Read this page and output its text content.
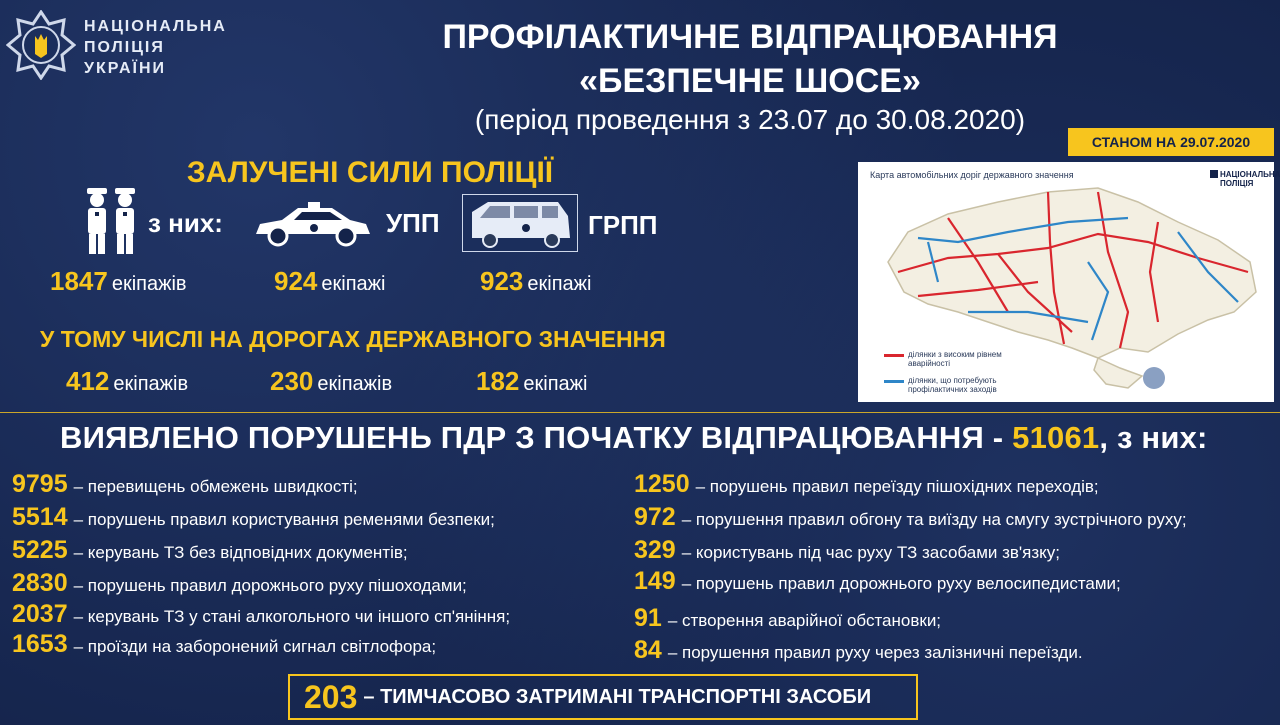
НАЦІОНАЛЬНА
ПОЛІЦІЯ
УКРАЇНИ
ПРОФІЛАКТИЧНЕ ВІДПРАЦЮВАННЯ
«БЕЗПЕЧНЕ ШОСЕ»
(період проведення з 23.07 до 30.08.2020)
СТАНОМ НА 29.07.2020
ЗАЛУЧЕНІ СИЛИ ПОЛІЦІЇ
з них:	УПП	ГРПП
1847 екіпажів	924 екіпажі	923 екіпажі
У ТОМУ ЧИСЛІ НА ДОРОГАХ ДЕРЖАВНОГО ЗНАЧЕННЯ
412 екіпажів	230 екіпажів	182 екіпажі
Карта автомобільних доріг державного значення	НАЦІОНАЛЬНА
ПОЛІЦІЯ
ділянки з високим рівнем аварійності
ділянки, що потребують профілактичних заходів
ВИЯВЛЕНО ПОРУШЕНЬ ПДР З ПОЧАТКУ ВІДПРАЦЮВАННЯ - 51061, з них:
9795 – перевищень обмежень швидкості;
5514 – порушень правил користування ременями безпеки;
5225 – керувань ТЗ без відповідних документів;
2830 – порушень правил дорожнього руху пішоходами;
2037 – керувань ТЗ у стані алкогольного чи іншого сп'яніння;
1653 – проїзди на заборонений сигнал світлофора;
1250 – порушень правил переїзду пішохідних переходів;
972 – порушення правил обгону та виїзду на смугу зустрічного руху;
329 – користувань під час руху ТЗ засобами зв'язку;
149 – порушень правил дорожнього руху велосипедистами;
91 – створення аварійної обстановки;
84 – порушення правил руху через залізничні переїзди.
203 – ТИМЧАСОВО ЗАТРИМАНІ ТРАНСПОРТНІ ЗАСОБИ
